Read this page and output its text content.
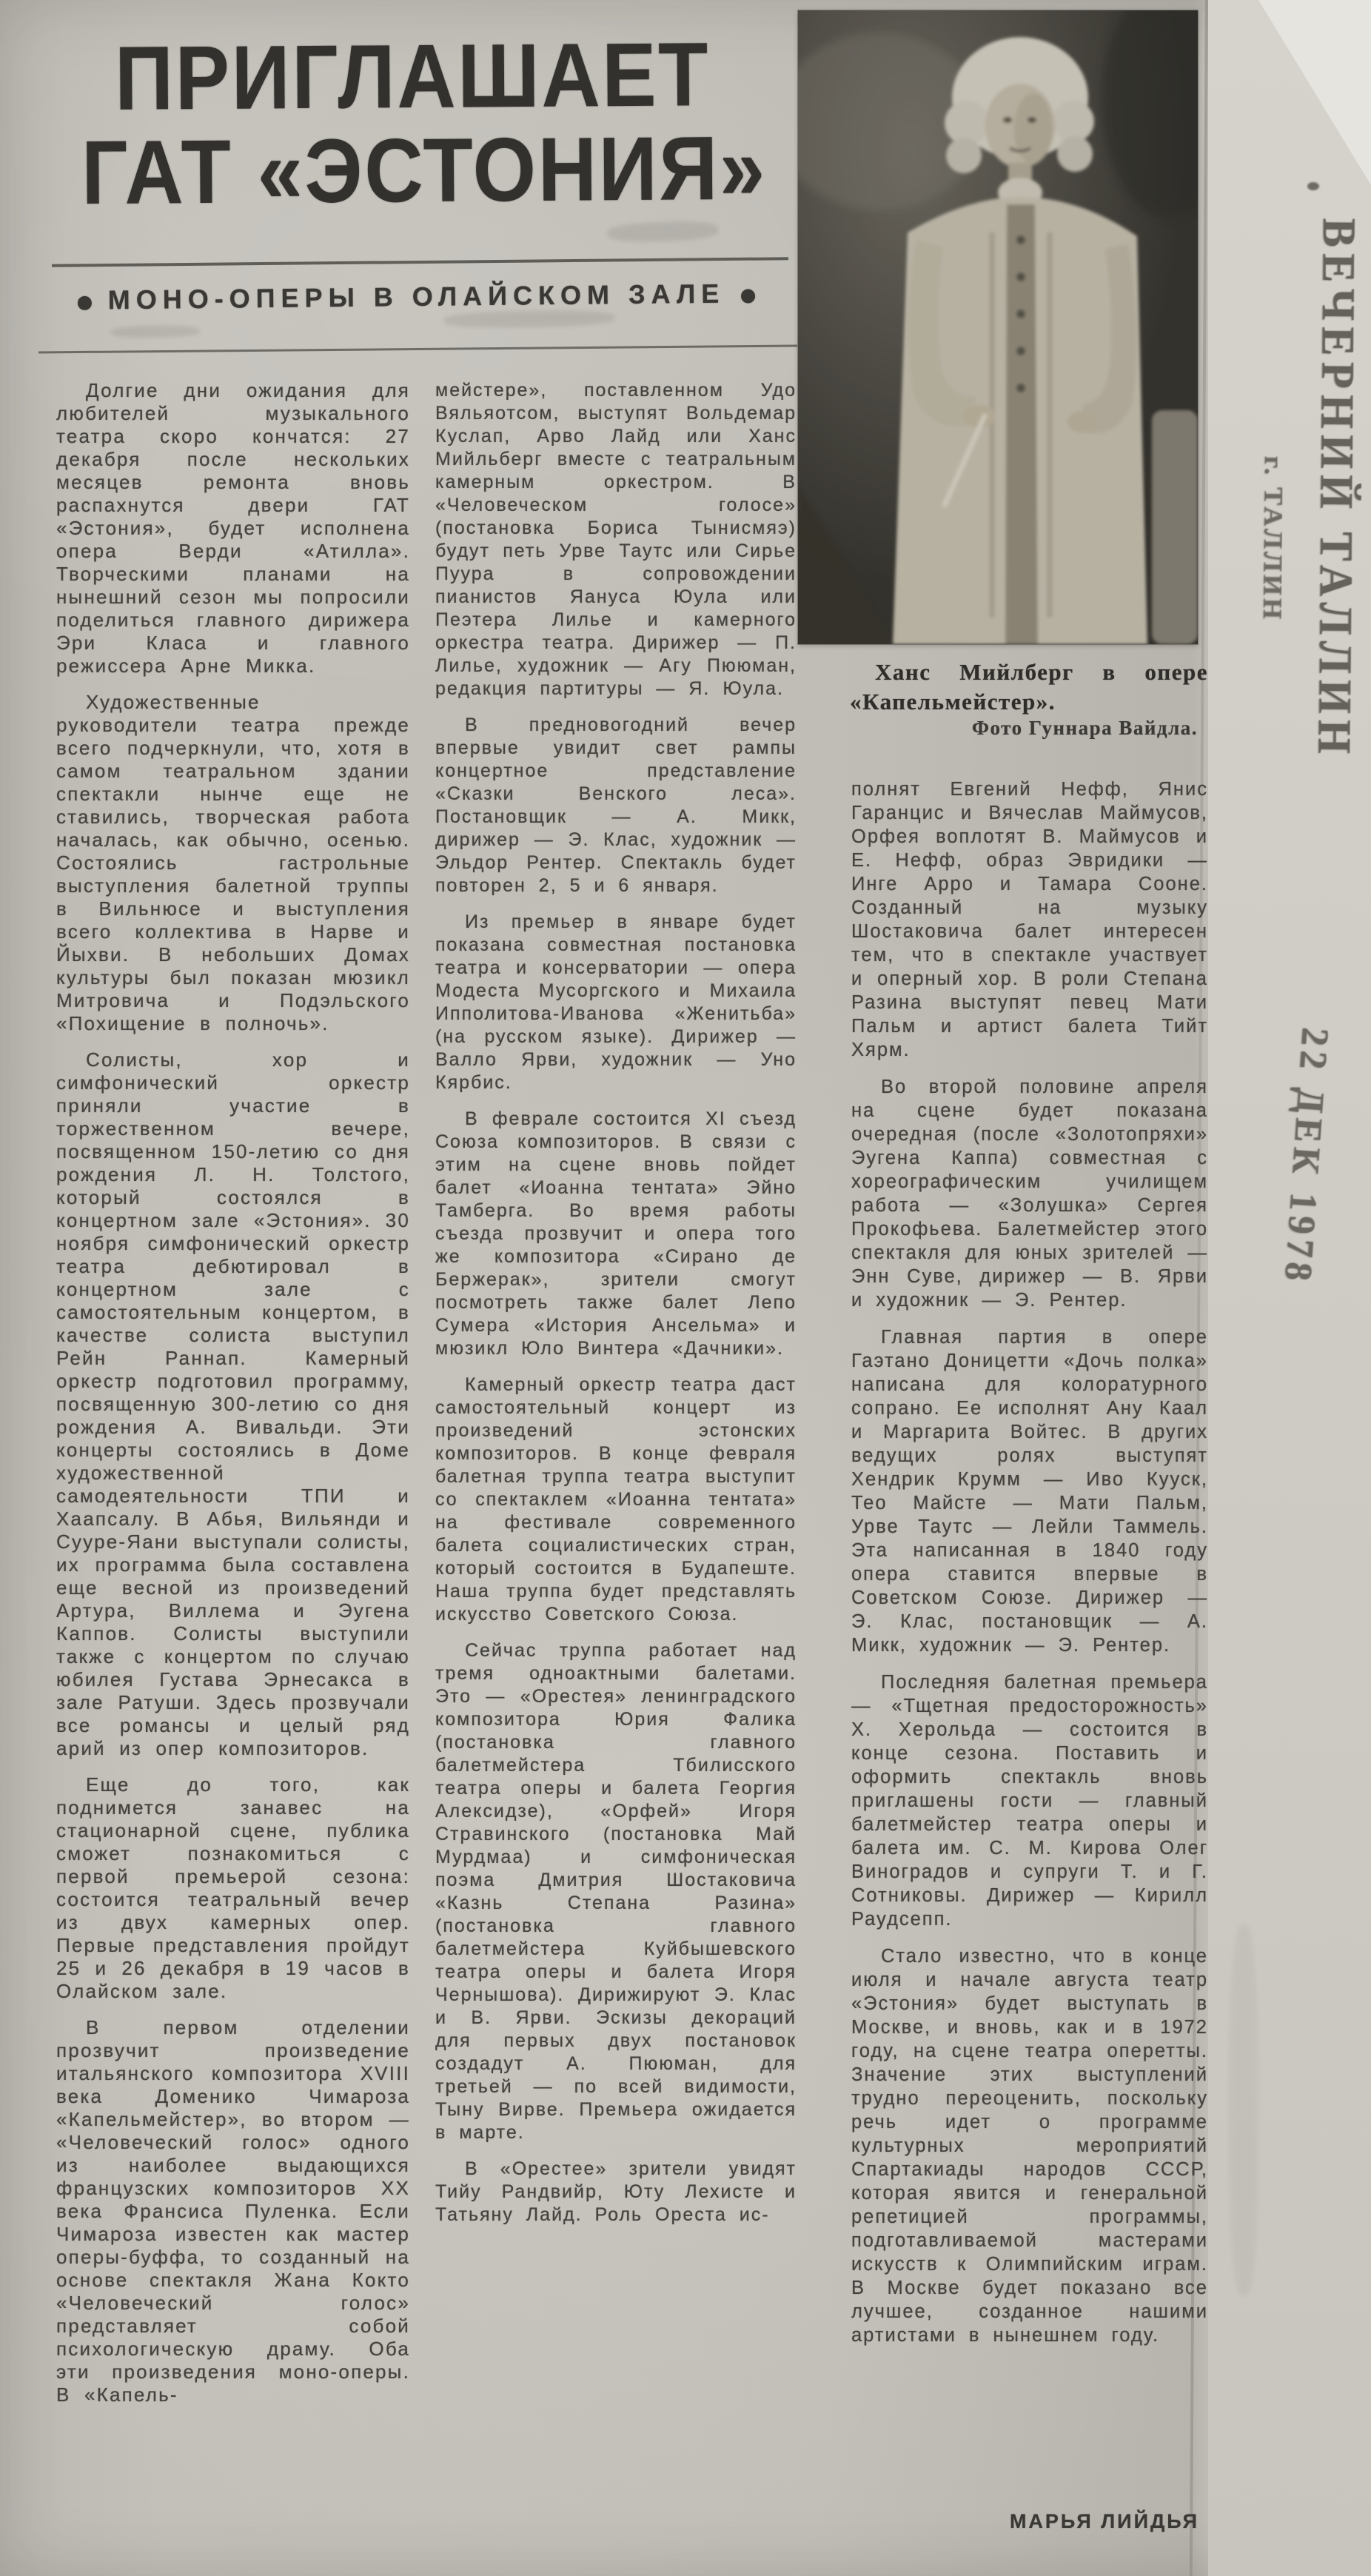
ПРИГЛАШАЕТ
ГАТ «ЭСТОНИЯ»
● МОНО-ОПЕРЫ В ОЛАЙСКОМ ЗАЛЕ ●

Долгие дни ожидания для любителей музыкального театра скоро кончатся: 27 декабря после нескольких месяцев ремонта вновь распахнутся двери ГАТ «Эстония», будет исполнена опера Верди «Атилла». Творческими планами на нынешний сезон мы попросили поделиться главного дирижера Эри Класа и главного режиссера Арне Микка.

Художественные руководители театра прежде всего подчеркнули, что, хотя в самом театральном здании спектакли нынче еще не ставились, творческая работа началась, как обычно, осенью. Состоялись гастрольные выступления балетной труппы в Вильнюсе и выступления всего коллектива в Нарве и Йыхви. В небольших Домах культуры был показан мюзикл Митровича и Подэльского «Похищение в полночь».

Солисты, хор и симфонический оркестр приняли участие в торжественном вечере, посвященном 150-летию со дня рождения Л. Н. Толстого, который состоялся в концертном зале «Эстония». 30 ноября симфонический оркестр театра дебютировал в концертном зале с самостоятельным концертом, в качестве солиста выступил Рейн Раннап. Камерный оркестр подготовил программу, посвященную 300-летию со дня рождения А. Вивальди. Эти концерты состоялись в Доме художественной самодеятельности ТПИ и Хаапсалу. В Абья, Вильянди и Сууре-Яани выступали солисты, их программа была составлена еще весной из произведений Артура, Виллема и Эугена Каппов. Солисты выступили также с концертом по случаю юбилея Густава Эрнесакса в зале Ратуши. Здесь прозвучали все романсы и целый ряд арий из опер композиторов.

Еще до того, как поднимется занавес на стационарной сцене, публика сможет познакомиться с первой премьерой сезона: состоится театральный вечер из двух камерных опер. Первые представления пройдут 25 и 26 декабря в 19 часов в Олайском зале.

В первом отделении прозвучит произведение итальянского композитора XVIII века Доменико Чимароза «Капельмейстер», во втором — «Человеческий голос» одного из наиболее выдающихся французских композиторов XX века Франсиса Пуленка. Если Чимароза известен как мастер оперы-буффа, то созданный на основе спектакля Жана Кокто «Человеческий голос» представляет собой психологическую драму. Оба эти произведения моно-оперы. В «Капель-

мейстере», поставленном Удо Вяльяотсом, выступят Вольдемар Куслап, Арво Лайд или Ханс Мийльберг вместе с театральным камерным оркестром. В «Человеческом голосе» (постановка Бориса Тынисмяэ) будут петь Урве Таутс или Сирье Пуура в сопровождении пианистов Яануса Юула или Пеэтера Лилье и камерного оркестра театра. Дирижер — П. Лилье, художник — Агу Пююман, редакция партитуры — Я. Юула.

В предновогодний вечер впервые увидит свет рампы концертное представление «Сказки Венского леса». Постановщик — А. Микк, дирижер — Э. Клас, художник — Эльдор Рентер. Спектакль будет повторен 2, 5 и 6 января.

Из премьер в январе будет показана совместная постановка театра и консерватории — опера Модеста Мусоргского и Михаила Ипполитова-Иванова «Женитьба» (на русском языке). Дирижер — Валло Ярви, художник — Уно Кярбис.

В феврале состоится XI съезд Союза композиторов. В связи с этим на сцене вновь пойдет балет «Иоанна тентата» Эйно Тамберга. Во время работы съезда прозвучит и опера того же композитора «Сирано де Бержерак», зрители смогут посмотреть также балет Лепо Сумера «История Ансельма» и мюзикл Юло Винтера «Дачники».

Камерный оркестр театра даст самостоятельный концерт из произведений эстонских композиторов. В конце февраля балетная труппа театра выступит со спектаклем «Иоанна тентата» на фестивале современного балета социалистических стран, который состоится в Будапеште. Наша труппа будет представлять искусство Советского Союза.

Сейчас труппа работает над тремя одноактными балетами. Это — «Орестея» ленинградского композитора Юрия Фалика (постановка главного балетмейстера Тбилисского театра оперы и балета Георгия Алексидзе), «Орфей» Игоря Стравинского (постановка Май Мурдмаа) и симфоническая поэма Дмитрия Шостаковича «Казнь Степана Разина» (постановка главного балетмейстера Куйбышевского театра оперы и балета Игоря Чернышова). Дирижируют Э. Клас и В. Ярви. Эскизы декораций для первых двух постановок создадут А. Пююман, для третьей — по всей видимости, Тыну Вирве. Премьера ожидается в марте.

В «Орестее» зрители увидят Тийу Рандвийр, Юту Лехисте и Татьяну Лайд. Роль Ореста ис-

Ханс Мийлберг в опере «Капельмейстер».
Фото Гуннара Вайдла.

полнят Евгений Нефф, Янис Гаранцис и Вячеслав Маймусов, Орфея воплотят В. Маймусов и Е. Нефф, образ Эвридики — Инге Арро и Тамара Сооне. Созданный на музыку Шостаковича балет интересен тем, что в спектакле участвует и оперный хор. В роли Степана Разина выступят певец Мати Пальм и артист балета Тийт Хярм.

Во второй половине апреля на сцене будет показана очередная (после «Золотопряхи» Эугена Каппа) совместная с хореографическим училищем работа — «Золушка» Сергея Прокофьева. Балетмейстер этого спектакля для юных зрителей — Энн Суве, дирижер — В. Ярви и художник — Э. Рентер.

Главная партия в опере Гаэтано Доницетти «Дочь полка» написана для колоратурного сопрано. Ее исполнят Ану Каал и Маргарита Войтес. В других ведущих ролях выступят Хендрик Крумм — Иво Кууск, Тео Майсте — Мати Пальм, Урве Таутс — Лейли Таммель. Эта написанная в 1840 году опера ставится впервые в Советском Союзе. Дирижер — Э. Клас, постановщик — А. Микк, художник — Э. Рентер.

Последняя балетная премьера — «Тщетная предосторожность» Х. Херольда — состоится в конце сезона. Поставить и оформить спектакль вновь приглашены гости — главный балетмейстер театра оперы и балета им. С. М. Кирова Олег Виноградов и супруги Т. и Г. Сотниковы. Дирижер — Кирилл Раудсепп.

Стало известно, что в конце июля и начале августа театр «Эстония» будет выступать в Москве, и вновь, как и в 1972 году, на сцене театра оперетты. Значение этих выступлений трудно переоценить, поскольку речь идет о программе культурных мероприятий Спартакиады народов СССР, которая явится и генеральной репетицией программы, подготавливаемой мастерами искусств к Олимпийским играм. В Москве будет показано все лучшее, созданное нашими артистами в нынешнем году.

МАРЬЯ ЛИЙДЬЯ
ВЕЧЕРНИЙ ТАЛЛИН
г. ТАЛЛИН
22 ДЕК 1978
